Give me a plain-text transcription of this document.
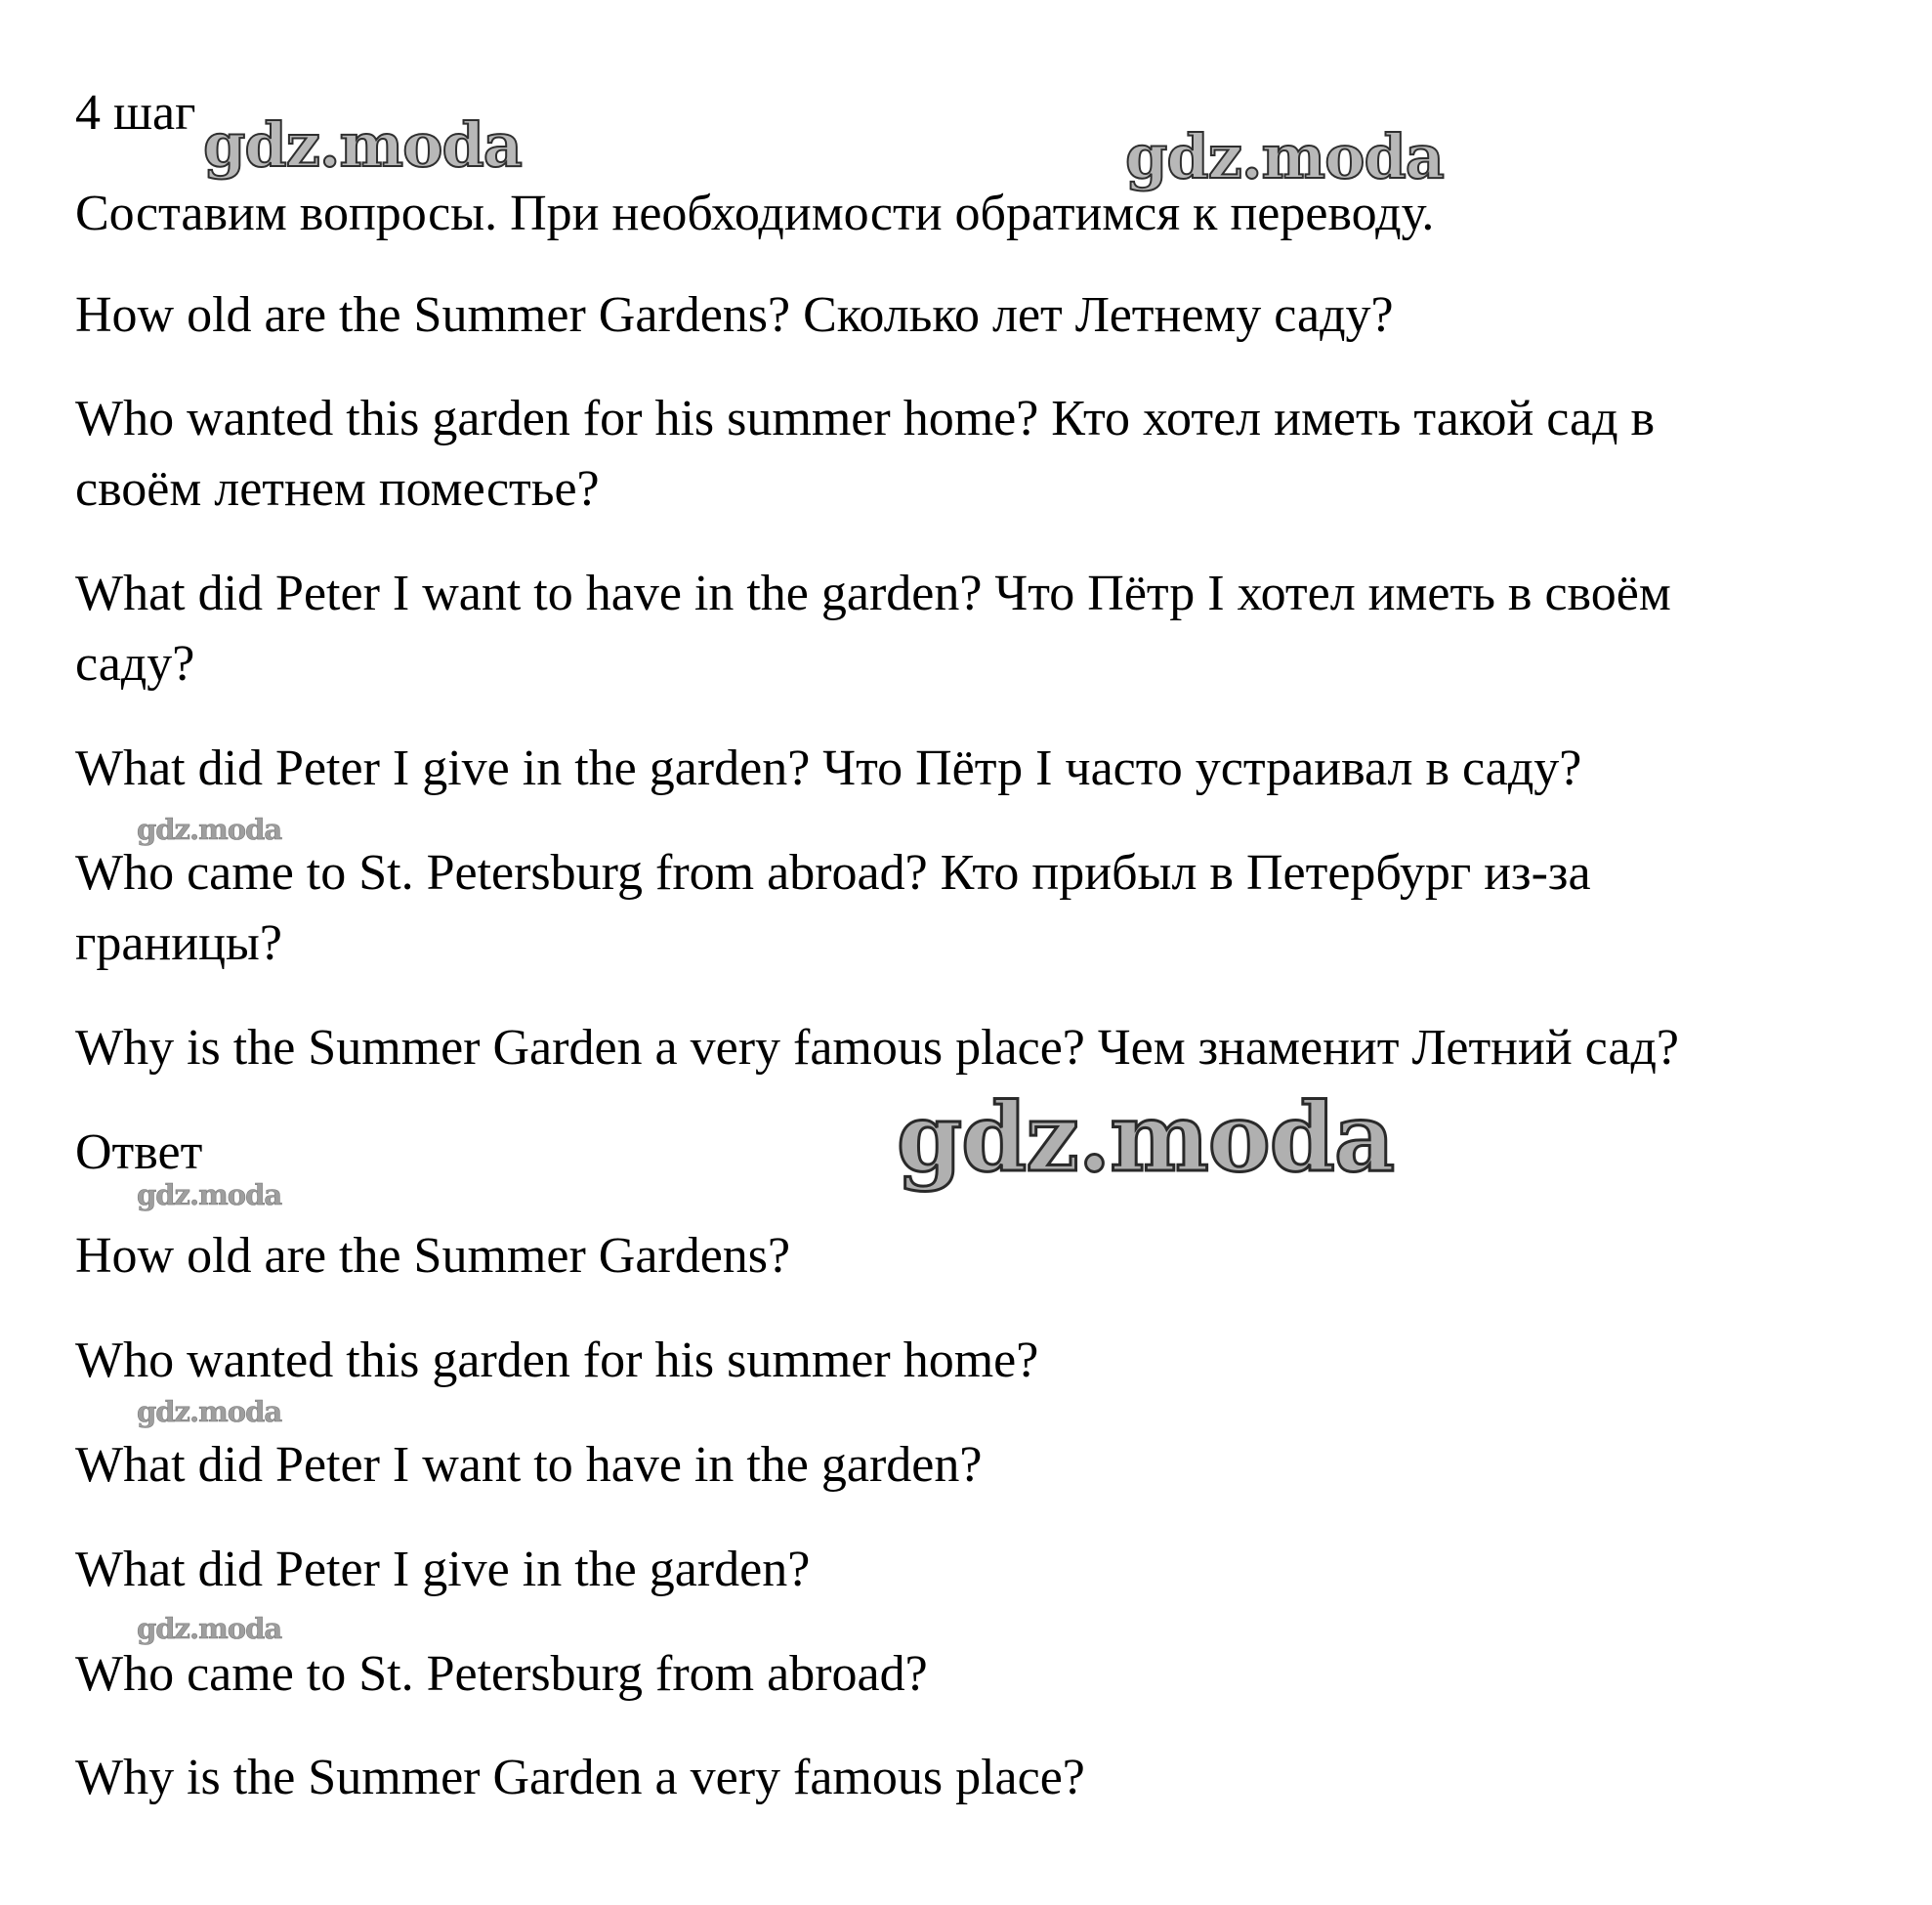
4 шаг

Составим вопросы. При необходимости обратимся к переводу.

How old are the Summer Gardens? Сколько лет Летнему саду?

Who wanted this garden for his summer home? Кто хотел иметь такой сад в

своём летнем поместье?

What did Peter I want to have in the garden? Что Пётр I хотел иметь в своём

саду?

What did Peter I give in the garden? Что Пётр I часто устраивал в саду?

Who came to St. Petersburg from abroad? Кто прибыл в Петербург из-за

границы?

Why is the Summer Garden a very famous place? Чем знаменит Летний сад?

Ответ

How old are the Summer Gardens?

Who wanted this garden for his summer home?

What did Peter I want to have in the garden?

What did Peter I give in the garden?

Who came to St. Petersburg from abroad?

Why is the Summer Garden a very famous place?

gdz.moda	gdz.moda

gdz.moda

gdz.moda

gdz.moda

gdz.moda

gdz.moda
